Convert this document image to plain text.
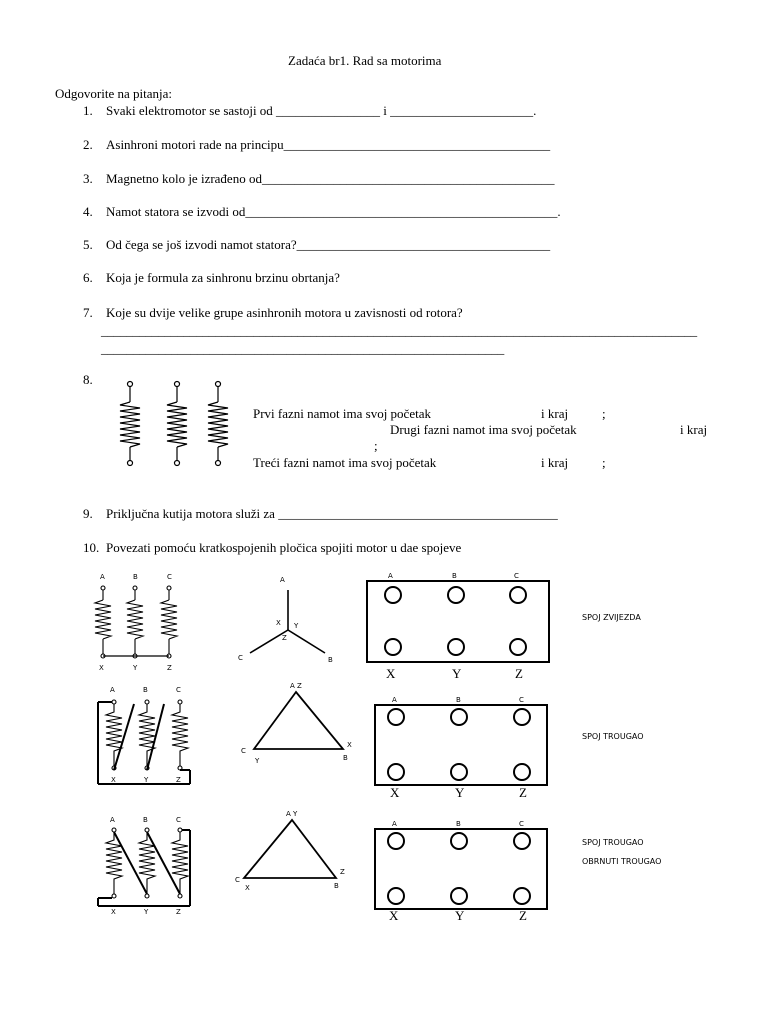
Zadaća br1. Rad sa motorima
Odgovorite na pitanja:
1. Svaki elektromotor se sastoji od ________________ i ______________________.
2. Asinhroni motori rade na principu_________________________________________
3. Magnetno kolo je izrađeno od_____________________________________________
4. Namot statora se izvodi od________________________________________________.
5. Od čega se još izvodi namot statora?_______________________________________
6. Koja je formula za sinhronu brzinu obrtanja?
7. Koje su dvije velike grupe asinhronih motora u zavisnosti od rotora?
______________________________________________________________________________________________
_______________________________________________________________
8.
Prvi fazni namot ima svoj početak	i kraj	;
Drugi fazni namot ima svoj početak	i kraj
;
Treći fazni namot ima svoj početak	i kraj	;
9. Priključna kutija motora služi za ___________________________________________
10. Povezati pomoću kratkospojenih pločica spojiti motor u dae spojeve
A	B	C
X	Y	Z
A
C	B
X Y
Z
A	B	C
X	Y	Z
SPOJ ZVIJEZDA
A	B	C
X	Y	Z
A Z
C
Y	B
X
A	B	C
X	Y	Z
SPOJ TROUGAO
A	B	C
X	Y	Z
A Y
C
X	B
Z
A	B	C
X	Y	Z
SPOJ TROUGAO
OBRNUTI TROUGAO
